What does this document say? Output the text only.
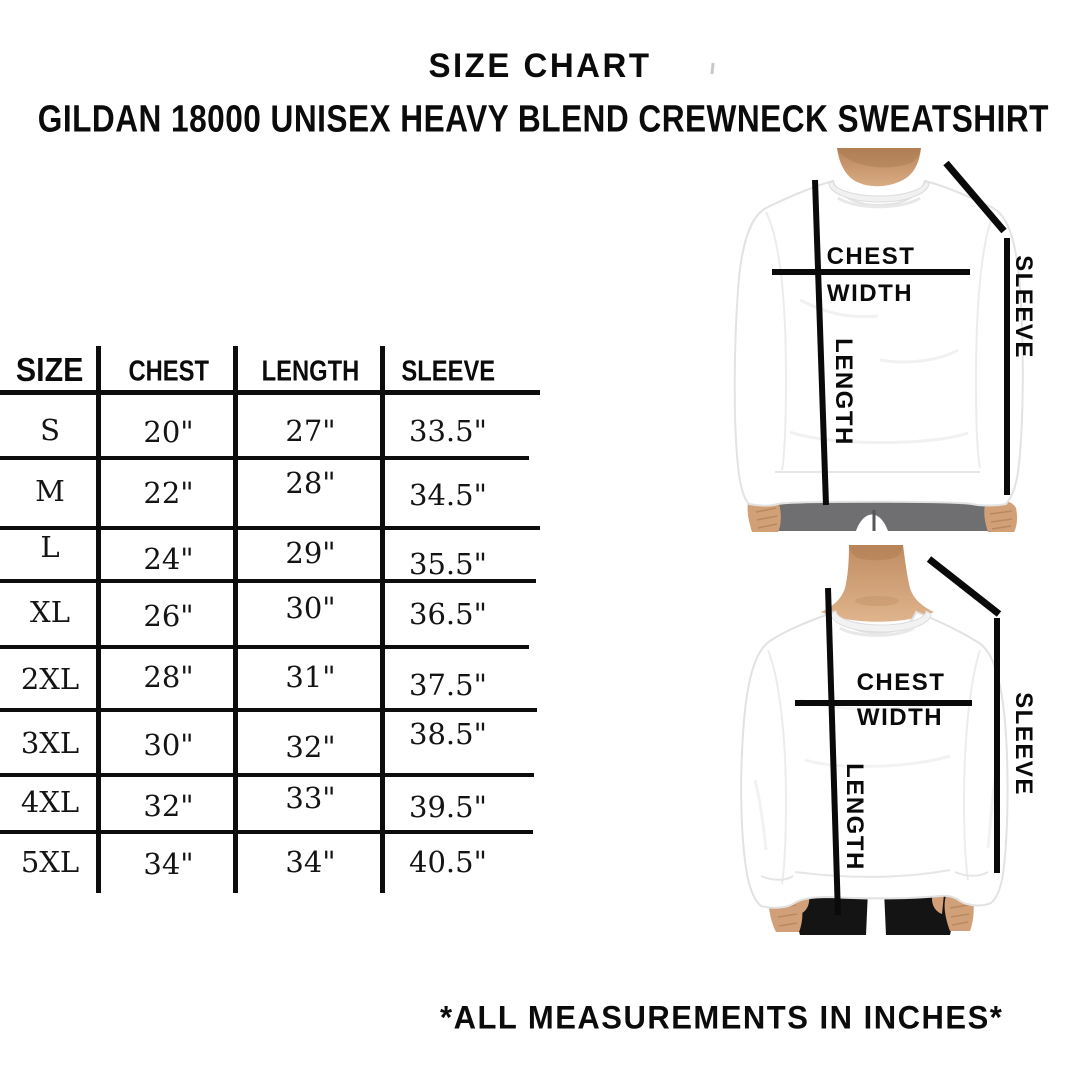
SIZE CHART
GILDAN 18000 UNISEX HEAVY BLEND CREWNECK SWEATSHIRT
SIZE CHEST LENGTH SLEEVE
S	20"	27"	33.5"
M	22"	28"	34.5"
L	24"	29"	35.5"
XL	26"	30"	36.5"
2XL	28"	31"	37.5"
3XL	30"	32"	38.5"
4XL	32"	33"	39.5"
5XL	34"	34"	40.5"
CHEST
WIDTH
LENGTH
SLEEVE
CHEST
WIDTH
LENGTH
SLEEVE
*ALL MEASUREMENTS IN INCHES*
